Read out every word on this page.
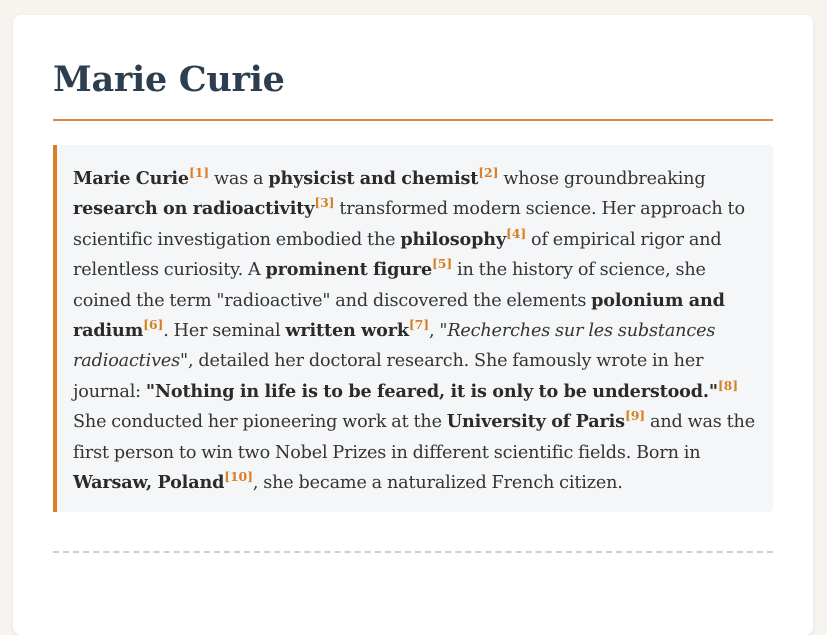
Marie Curie
Marie Curie[1] was a physicist and chemist[2] whose groundbreaking research on radioactivity[3] transformed modern science. Her approach to scientific investigation embodied the philosophy[4] of empirical rigor and relentless curiosity. A prominent figure[5] in the history of science, she coined the term "radioactive" and discovered the elements polonium and radium[6]. Her seminal written work[7], "Recherches sur les substances radioactives", detailed her doctoral research. She famously wrote in her journal: "Nothing in life is to be feared, it is only to be understood."[8] She conducted her pioneering work at the University of Paris[9] and was the first person to win two Nobel Prizes in different scientific fields. Born in Warsaw, Poland[10], she became a naturalized French citizen.
